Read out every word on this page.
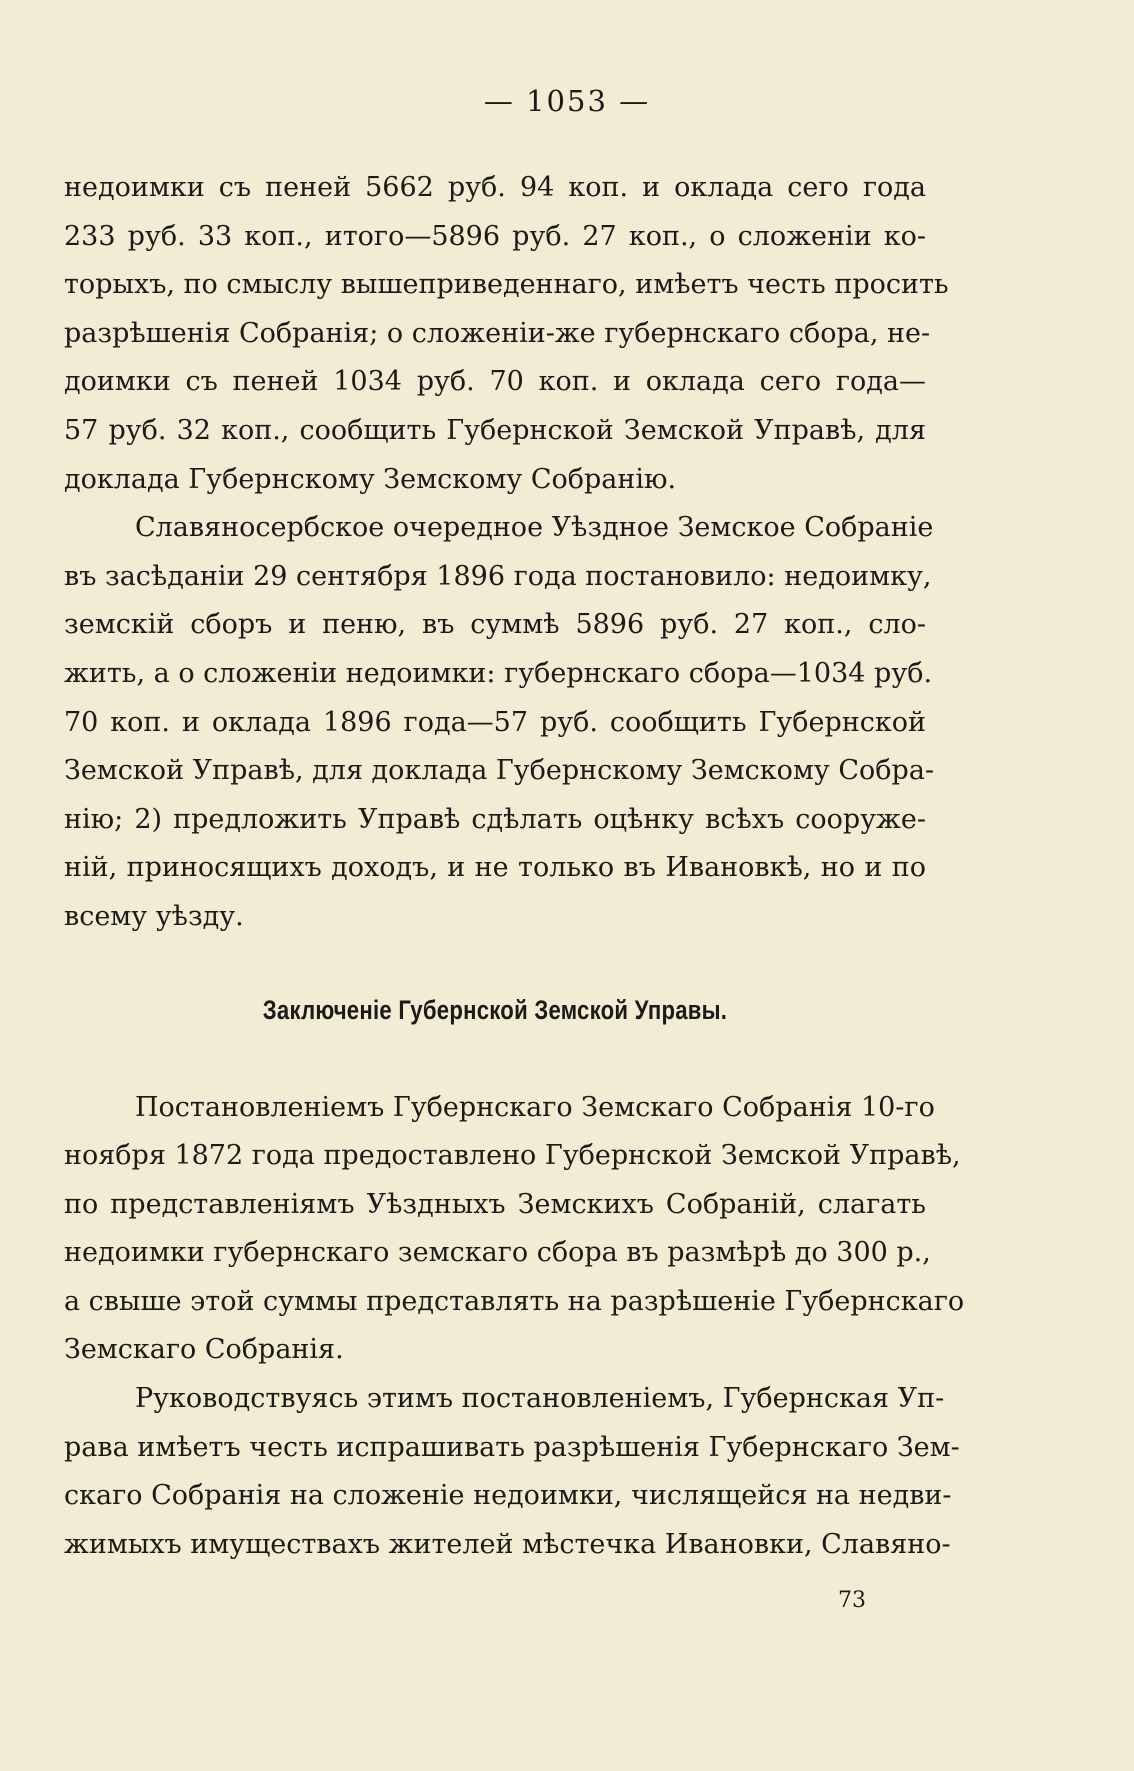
— 1053 —
недоимки съ пеней 5662 руб. 94 коп. и оклада сего года
233 руб. 33 коп., итого—5896 руб. 27 коп., о сложеніи ко-
торыхъ, по смыслу вышеприведеннаго, имѣетъ честь просить
разрѣшенія Собранія; о сложеніи-же губернскаго сбора, не-
доимки съ пеней 1034 руб. 70 коп. и оклада сего года—
57 руб. 32 коп., сообщить Губернской Земской Управѣ, для
доклада Губернскому Земскому Собранію.
Славяносербское очередное Уѣздное Земское Собраніе
въ засѣданіи 29 сентября 1896 года постановило: недоимку,
земскій сборъ и пеню, въ суммѣ 5896 руб. 27 коп., сло-
жить, а о сложеніи недоимки: губернскаго сбора—1034 руб.
70 коп. и оклада 1896 года—57 руб. сообщить Губернской
Земской Управѣ, для доклада Губернскому Земскому Собра-
нію; 2) предложить Управѣ сдѣлать оцѣнку всѣхъ сооруже-
ній, приносящихъ доходъ, и не только въ Ивановкѣ, но и по
всему уѣзду.
Заключеніе Губернской Земской Управы.
Постановленіемъ Губернскаго Земскаго Собранія 10-го
ноября 1872 года предоставлено Губернской Земской Управѣ,
по представленіямъ Уѣздныхъ Земскихъ Собраній, слагать
недоимки губернскаго земскаго сбора въ размѣрѣ до 300 р.,
а свыше этой суммы представлять на разрѣшеніе Губернскаго
Земскаго Собранія.
Руководствуясь этимъ постановленіемъ, Губернская Уп-
рава имѣетъ честь испрашивать разрѣшенія Губернскаго Зем-
скаго Собранія на сложеніе недоимки, числящейся на недви-
жимыхъ имуществахъ жителей мѣстечка Ивановки, Славяно-
73
